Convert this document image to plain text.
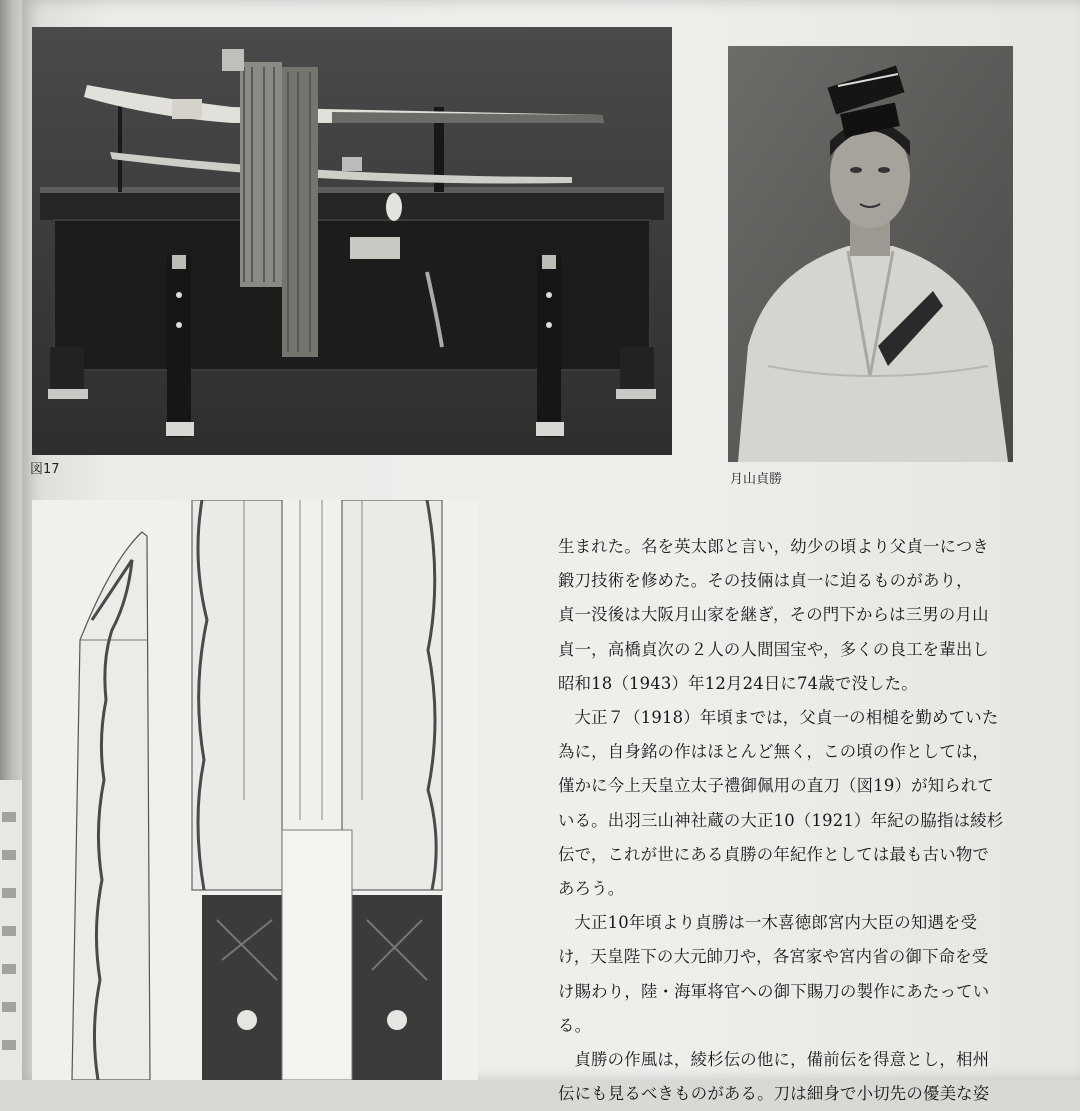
図17
月山貞勝

生まれた。名を英太郎と言い，幼少の頃より父貞一につき

鍛刀技術を修めた。その技倆は貞一に迫るものがあり，

貞一没後は大阪月山家を継ぎ，その門下からは三男の月山

貞一，高橋貞次の２人の人間国宝や，多くの良工を輩出し

昭和18（1943）年12月24日に74歳で没した。

大正７（1918）年頃までは，父貞一の相槌を勤めていた

為に，自身銘の作はほとんど無く，この頃の作としては，

僅かに今上天皇立太子禮御佩用の直刀（図19）が知られて

いる。出羽三山神社蔵の大正10（1921）年紀の脇指は綾杉

伝で，これが世にある貞勝の年紀作としては最も古い物で

あろう。

大正10年頃より貞勝は一木喜徳郎宮内大臣の知遇を受

け，天皇陛下の大元帥刀や，各宮家や宮内省の御下命を受

け賜わり，陸・海軍将官への御下賜刀の製作にあたってい

る。

貞勝の作風は，綾杉伝の他に，備前伝を得意とし，相州

伝にも見るべきものがある。刀は細身で小切先の優美な姿
